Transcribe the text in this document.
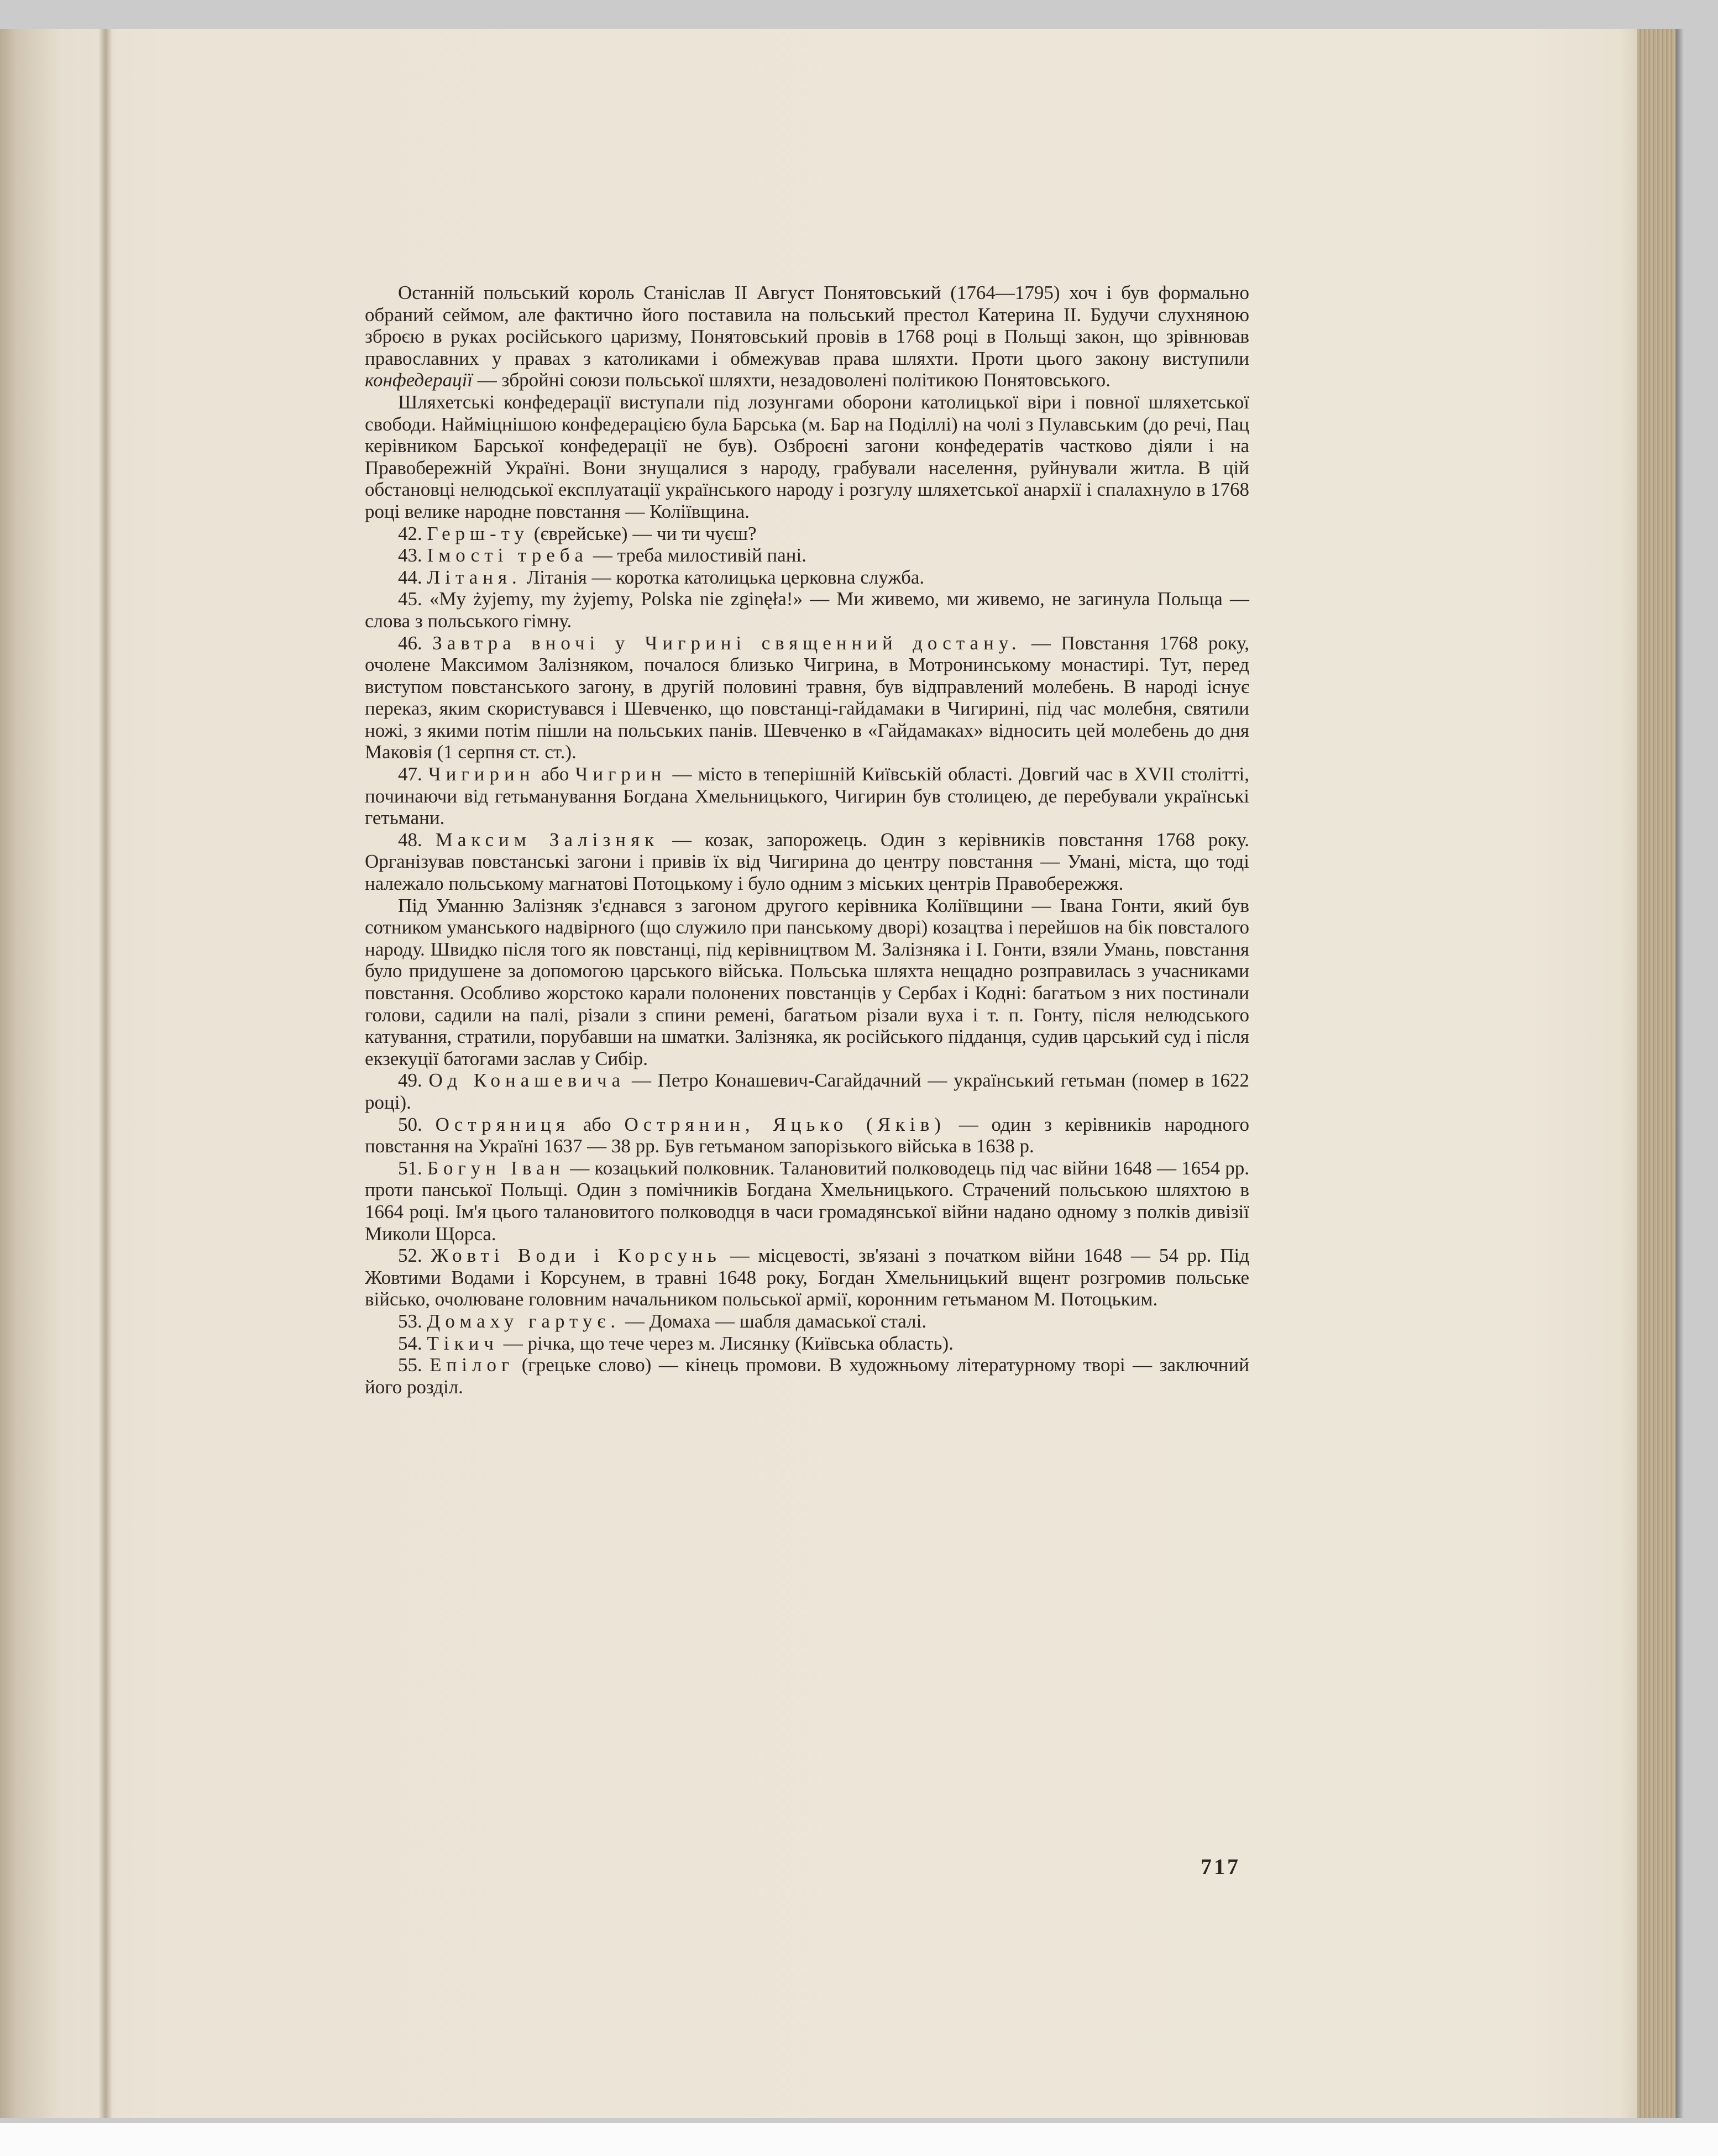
Останній польський король Станіслав II Август Понятовський (1764—1795) хоч і був формально обраний сеймом, але фактично його поставила на польський престол Катерина II. Будучи слухняною зброєю в руках російського царизму, Понятовський провів в 1768 році в Польщі закон, що зрівнював православних у правах з католиками і обмежував права шляхти. Проти цього закону виступили конфедерації — збройні союзи польської шляхти, незадоволені політикою Понятовського.

Шляхетські конфедерації виступали під лозунгами оборони католицької віри і повної шляхетської свободи. Найміцнішою конфедерацією була Барська (м. Бар на Поділлі) на чолі з Пулавським (до речі, Пац керівником Барської конфедерації не був). Озброєні загони конфедератів частково діяли і на Правобережній Україні. Вони знущалися з народу, грабували населення, руйнували житла. В цій обстановці нелюдської експлуатації українського народу і розгулу шляхетської анархії і спалахнуло в 1768 році велике народне повстання — Коліївщина.

42. Герш-ту (єврейське) — чи ти чуєш?

43. Імості треба — треба милостивій пані.

44. Літаня. Літанія — коротка католицька церковна служба.

45. «My żyjemy, my żyjemy, Polska nie zginęła!» — Ми живемо, ми живемо, не загинула Польща — слова з польського гімну.

46. Завтра вночі у Чигрині священний достану. — Повстання 1768 року, очолене Максимом Залізняком, почалося близько Чигрина, в Мотронинському монастирі. Тут, перед виступом повстанського загону, в другій половині травня, був відправлений молебень. В народі існує переказ, яким скористувався і Шевченко, що повстанці-гайдамаки в Чигирині, під час молебня, святили ножі, з якими потім пішли на польських панів. Шевченко в «Гайдамаках» відносить цей молебень до дня Маковія (1 серпня ст. ст.).

47. Чигирин або Чигрин — місто в теперішній Київській області. Довгий час в XVII столітті, починаючи від гетьманування Богдана Хмельницького, Чигирин був столицею, де перебували українські гетьмани.

48. Максим Залізняк — козак, запорожець. Один з керівників повстання 1768 року. Організував повстанські загони і привів їх від Чигирина до центру повстання — Умані, міста, що тоді належало польському магнатові Потоцькому і було одним з міських центрів Правобережжя.

Під Уманню Залізняк з'єднався з загоном другого керівника Коліївщини — Івана Гонти, який був сотником уманського надвірного (що служило при панському дворі) козацтва і перейшов на бік повсталого народу. Швидко після того як повстанці, під керівництвом М. Залізняка і І. Гонти, взяли Умань, повстання було придушене за допомогою царського війська. Польська шляхта нещадно розправилась з учасниками повстання. Особливо жорстоко карали полонених повстанців у Сербах і Кодні: багатьом з них постинали голови, садили на палі, різали з спини ремені, багатьом різали вуха і т. п. Гонту, після нелюдського катування, стратили, порубавши на шматки. Залізняка, як російського підданця, судив царський суд і після екзекуції батогами заслав у Сибір.

49. Од Конашевича — Петро Конашевич-Сагайдачний — український гетьман (помер в 1622 році).

50. Остряниця або Острянин, Яцько (Яків) — один з керівників народного повстання на Україні 1637 — 38 рр. Був гетьманом запорізького війська в 1638 р.

51. Богун Іван — козацький полковник. Талановитий полководець під час війни 1648 — 1654 рр. проти панської Польщі. Один з помічників Богдана Хмельницького. Страчений польською шляхтою в 1664 році. Ім'я цього талановитого полководця в часи громадянської війни надано одному з полків дивізії Миколи Щорса.

52. Жовті Води і Корсунь — місцевості, зв'язані з початком війни 1648 — 54 рр. Під Жовтими Водами і Корсунем, в травні 1648 року, Богдан Хмельницький вщент розгромив польське військо, очолюване головним начальником польської армії, коронним гетьманом М. Потоцьким.

53. Домаху гартує. — Домаха — шабля дамаської сталі.

54. Тікич — річка, що тече через м. Лисянку (Київська область).

55. Епілог (грецьке слово) — кінець промови. В художньому літературному творі — заключний його розділ.

717
